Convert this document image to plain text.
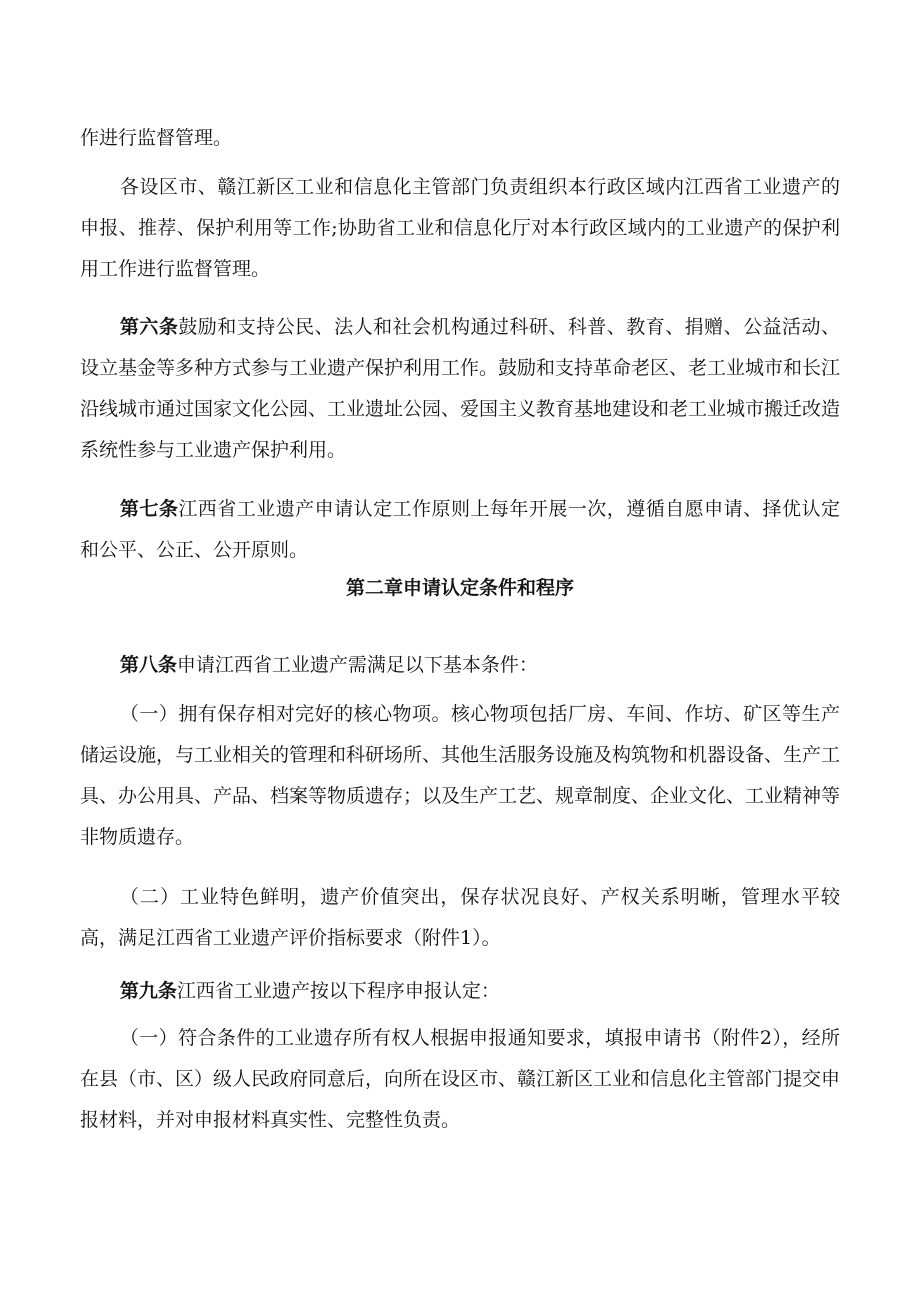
作进行监督管理。

各设区市、赣江新区工业和信息化主管部门负责组织本行政区域内江西省工业遗产的申报、推荐、保护利用等工作;协助省工业和信息化厅对本行政区域内的工业遗产的保护利用工作进行监督管理。

第六条鼓励和支持公民、法人和社会机构通过科研、科普、教育、捐赠、公益活动、设立基金等多种方式参与工业遗产保护利用工作。鼓励和支持革命老区、老工业城市和长江沿线城市通过国家文化公园、工业遗址公园、爱国主义教育基地建设和老工业城市搬迁改造系统性参与工业遗产保护利用。

第七条江西省工业遗产申请认定工作原则上每年开展一次，遵循自愿申请、择优认定和公平、公正、公开原则。

第二章申请认定条件和程序

第八条申请江西省工业遗产需满足以下基本条件：

（一）拥有保存相对完好的核心物项。核心物项包括厂房、车间、作坊、矿区等生产储运设施，与工业相关的管理和科研场所、其他生活服务设施及构筑物和机器设备、生产工具、办公用具、产品、档案等物质遗存；以及生产工艺、规章制度、企业文化、工业精神等非物质遗存。

（二）工业特色鲜明，遗产价值突出，保存状况良好、产权关系明晰，管理水平较高，满足江西省工业遗产评价指标要求（附件1）。

第九条江西省工业遗产按以下程序申报认定：

（一）符合条件的工业遗存所有权人根据申报通知要求，填报申请书（附件2），经所在县（市、区）级人民政府同意后，向所在设区市、赣江新区工业和信息化主管部门提交申报材料，并对申报材料真实性、完整性负责。
